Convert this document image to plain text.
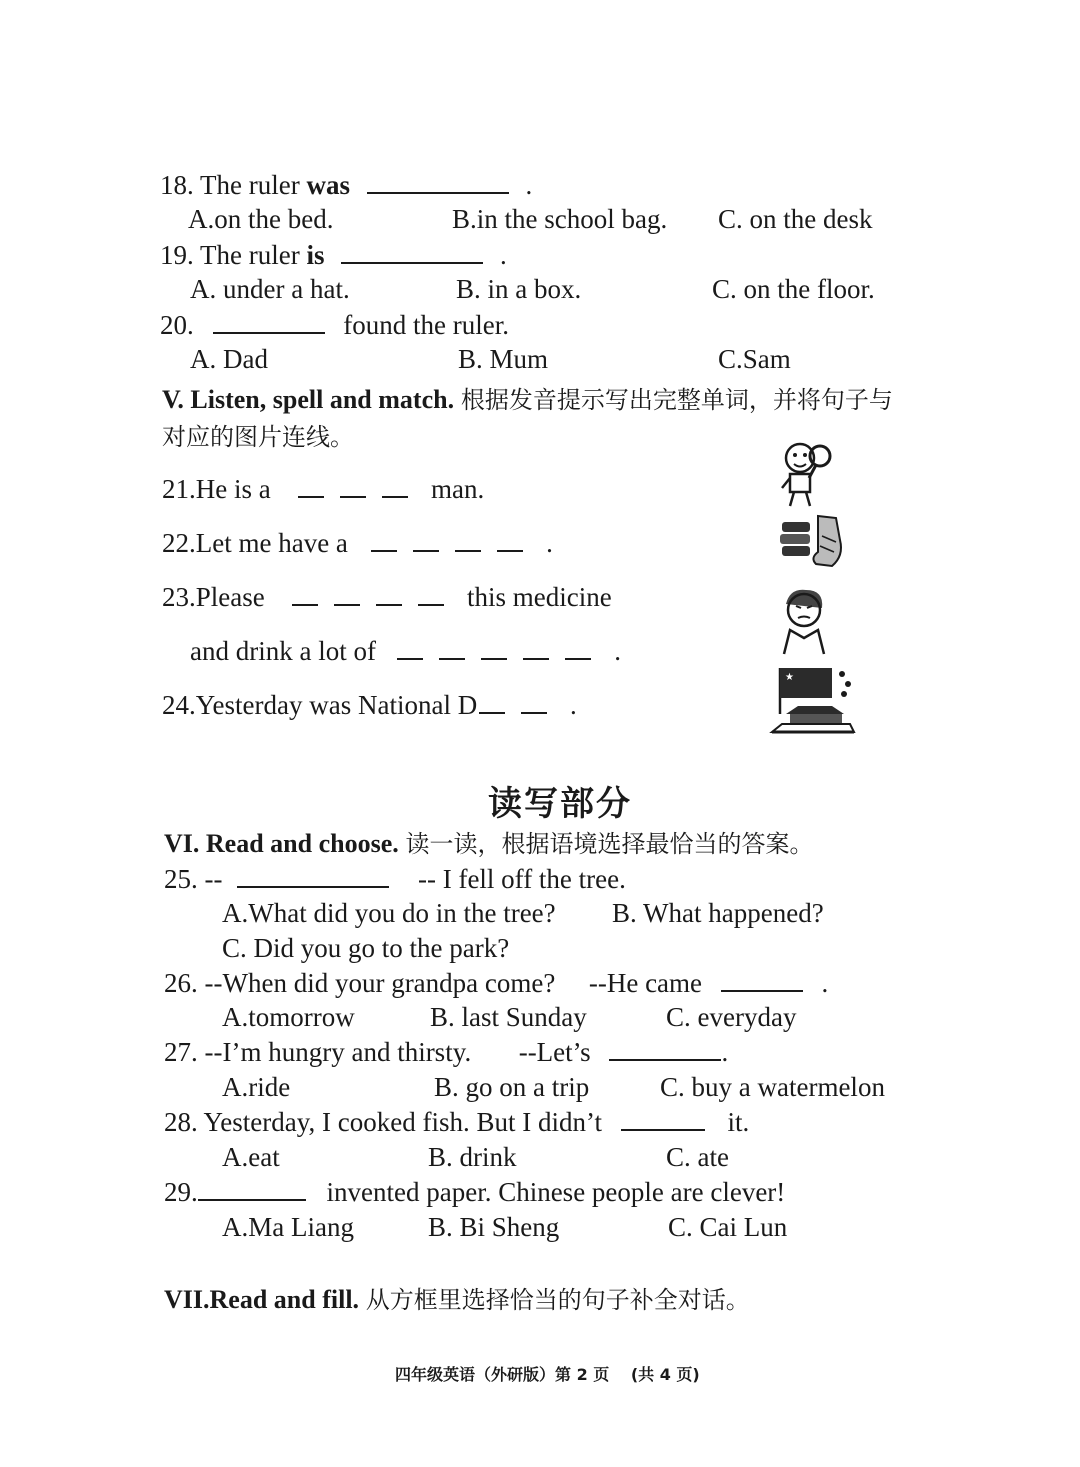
18. The ruler was	.
A.on the bed.	B.in the school bag. C. on the desk
19. The ruler is	.
A. under a hat.	B. in a box.	C. on the floor.
20.	found the ruler.
A. Dad	B. Mum	C.Sam
V. Listen, spell and match. 根据发音提示写出完整单词，并将句子与
对应的图片连线。
21.He is a	man.
22.Let me have a	.
23.Please	this medicine
and drink a lot of	.
24.Yesterday was National D	.
★
读写部分
VI. Read and choose. 读一读，根据语境选择最恰当的答案。
25. --	-- I fell off the tree.
A.What did you do in the tree? B. What happened?
C. Did you go to the park?
26. --When did your grandpa come? --He came	.
A.tomorrow	B. last Sunday	C. everyday
27. --I’m hungry and thirsty. --Let’s	.
A.ride	B. go on a trip	C. buy a watermelon
28. Yesterday, I cooked fish. But I didn’t	it.
A.eat	B. drink	C. ate
29.	invented paper. Chinese people are clever!
A.Ma Liang	B. Bi Sheng	C. Cai Lun
VII.Read and fill. 从方框里选择恰当的句子补全对话。
四年级英语（外研版）第 2 页　 (共 4 页)
